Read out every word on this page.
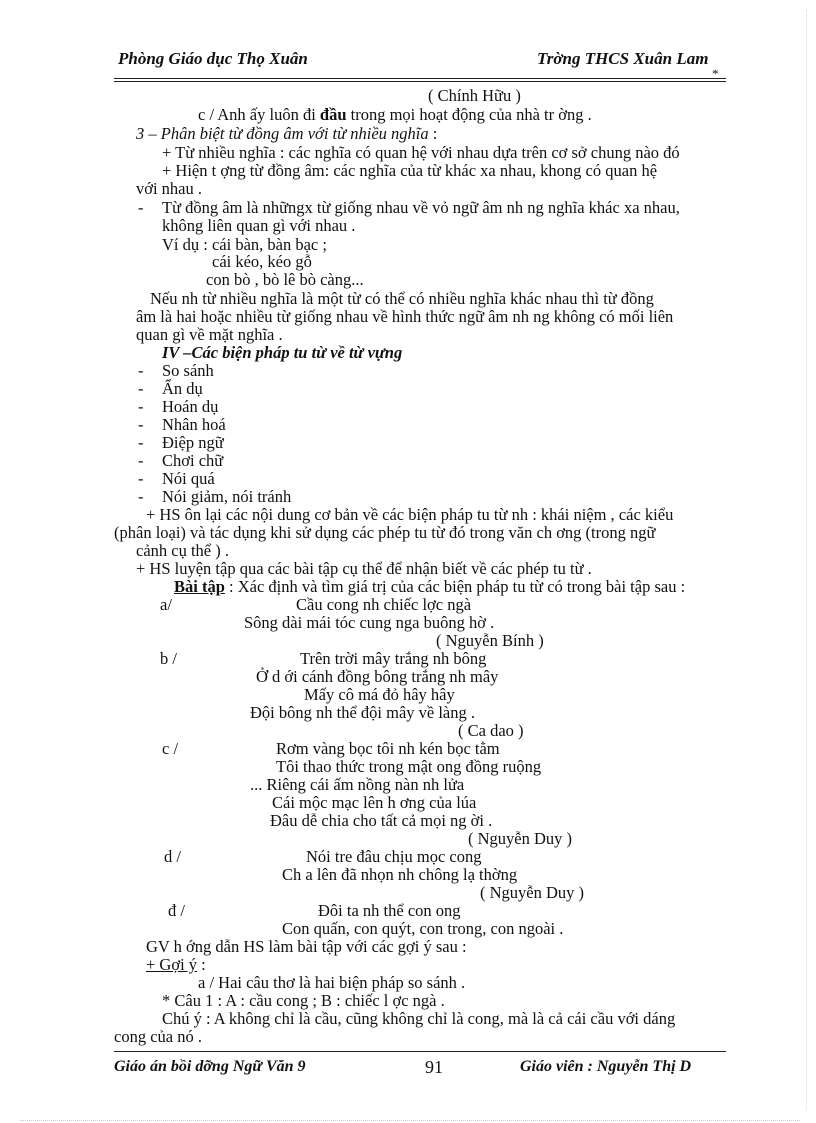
Phòng Giáo dục Thọ Xuân	Trờng THCS Xuân Lam
*
( Chính Hữu )
c / Anh ấy luôn đi đầu trong mọi hoạt động của nhà tr ờng .
3 – Phân biệt từ đồng âm với từ nhiều nghĩa :
+ Từ nhiều nghĩa : các nghĩa có quan hệ với nhau dựa trên cơ sở chung nào đó
+ Hiện t ợng từ đồng âm: các nghĩa của từ khác xa nhau, khong có quan hệ
với nhau .
- Từ đồng âm là nhữngx từ giống nhau về vỏ ngữ âm nh ng nghĩa khác xa nhau,
không liên quan gì với nhau .
Ví dụ : cái bàn, bàn bạc ;
cái kéo, kéo gỗ
con bò , bò lê bò càng...
Nếu nh từ nhiều nghĩa là một từ có thể có nhiều nghĩa khác nhau thì từ đồng
âm là hai hoặc nhiều từ giống nhau về hình thức ngữ âm nh ng không có mối liên
quan gì về mặt nghĩa .
IV –Các biện pháp tu từ về từ vựng
- So sánh
- Ẩn dụ
- Hoán dụ
- Nhân hoá
- Điệp ngữ
- Chơi chữ
- Nói quá
- Nói giảm, nói tránh
+ HS ôn lại các nội dung cơ bản về các biện pháp tu từ nh : khái niệm , các kiểu
(phân loại) và tác dụng khi sử dụng các phép tu từ đó trong văn ch ơng (trong ngữ
cảnh cụ thể ) .
+ HS luyện tập qua các bài tập cụ thể để nhận biết về các phép tu từ .
Bài tập : Xác định và tìm giá trị của các biện pháp tu từ có trong bài tập sau :
a/	Cầu cong nh chiếc lợc ngà
Sông dài mái tóc cung nga buông hờ .
( Nguyễn Bính )
b /	Trên trời mây trắng nh bông
Ở d ới cánh đồng bông trắng nh mây
Mấy cô má đỏ hây hây
Đội bông nh thể đội mây về làng .
( Ca dao )
c /	Rơm vàng bọc tôi nh kén bọc tằm
Tôi thao thức trong mật ong đồng ruộng
... Riêng cái ấm nồng nàn nh lửa
Cái mộc mạc lên h ơng của lúa
Đâu dễ chia cho tất cả mọi ng ời .
( Nguyễn Duy )
d /	Nói tre đâu chịu mọc cong
Ch a lên đã nhọn nh chông lạ thờng
( Nguyễn Duy )
đ /	Đôi ta nh thể con ong
Con quấn, con quýt, con trong, con ngoài .
GV h ớng dẫn HS làm bài tập với các gợi ý sau :
+ Gợi ý :
a / Hai câu thơ là hai biện pháp so sánh .
* Câu 1 : A : cầu cong ; B : chiếc l ợc ngà .
Chú ý : A không chỉ là cầu, cũng không chỉ là cong, mà là cả cái cầu với dáng
cong của nó .
Giáo án bồi dỡng Ngữ Văn 9	91	Giáo viên : Nguyễn Thị D
